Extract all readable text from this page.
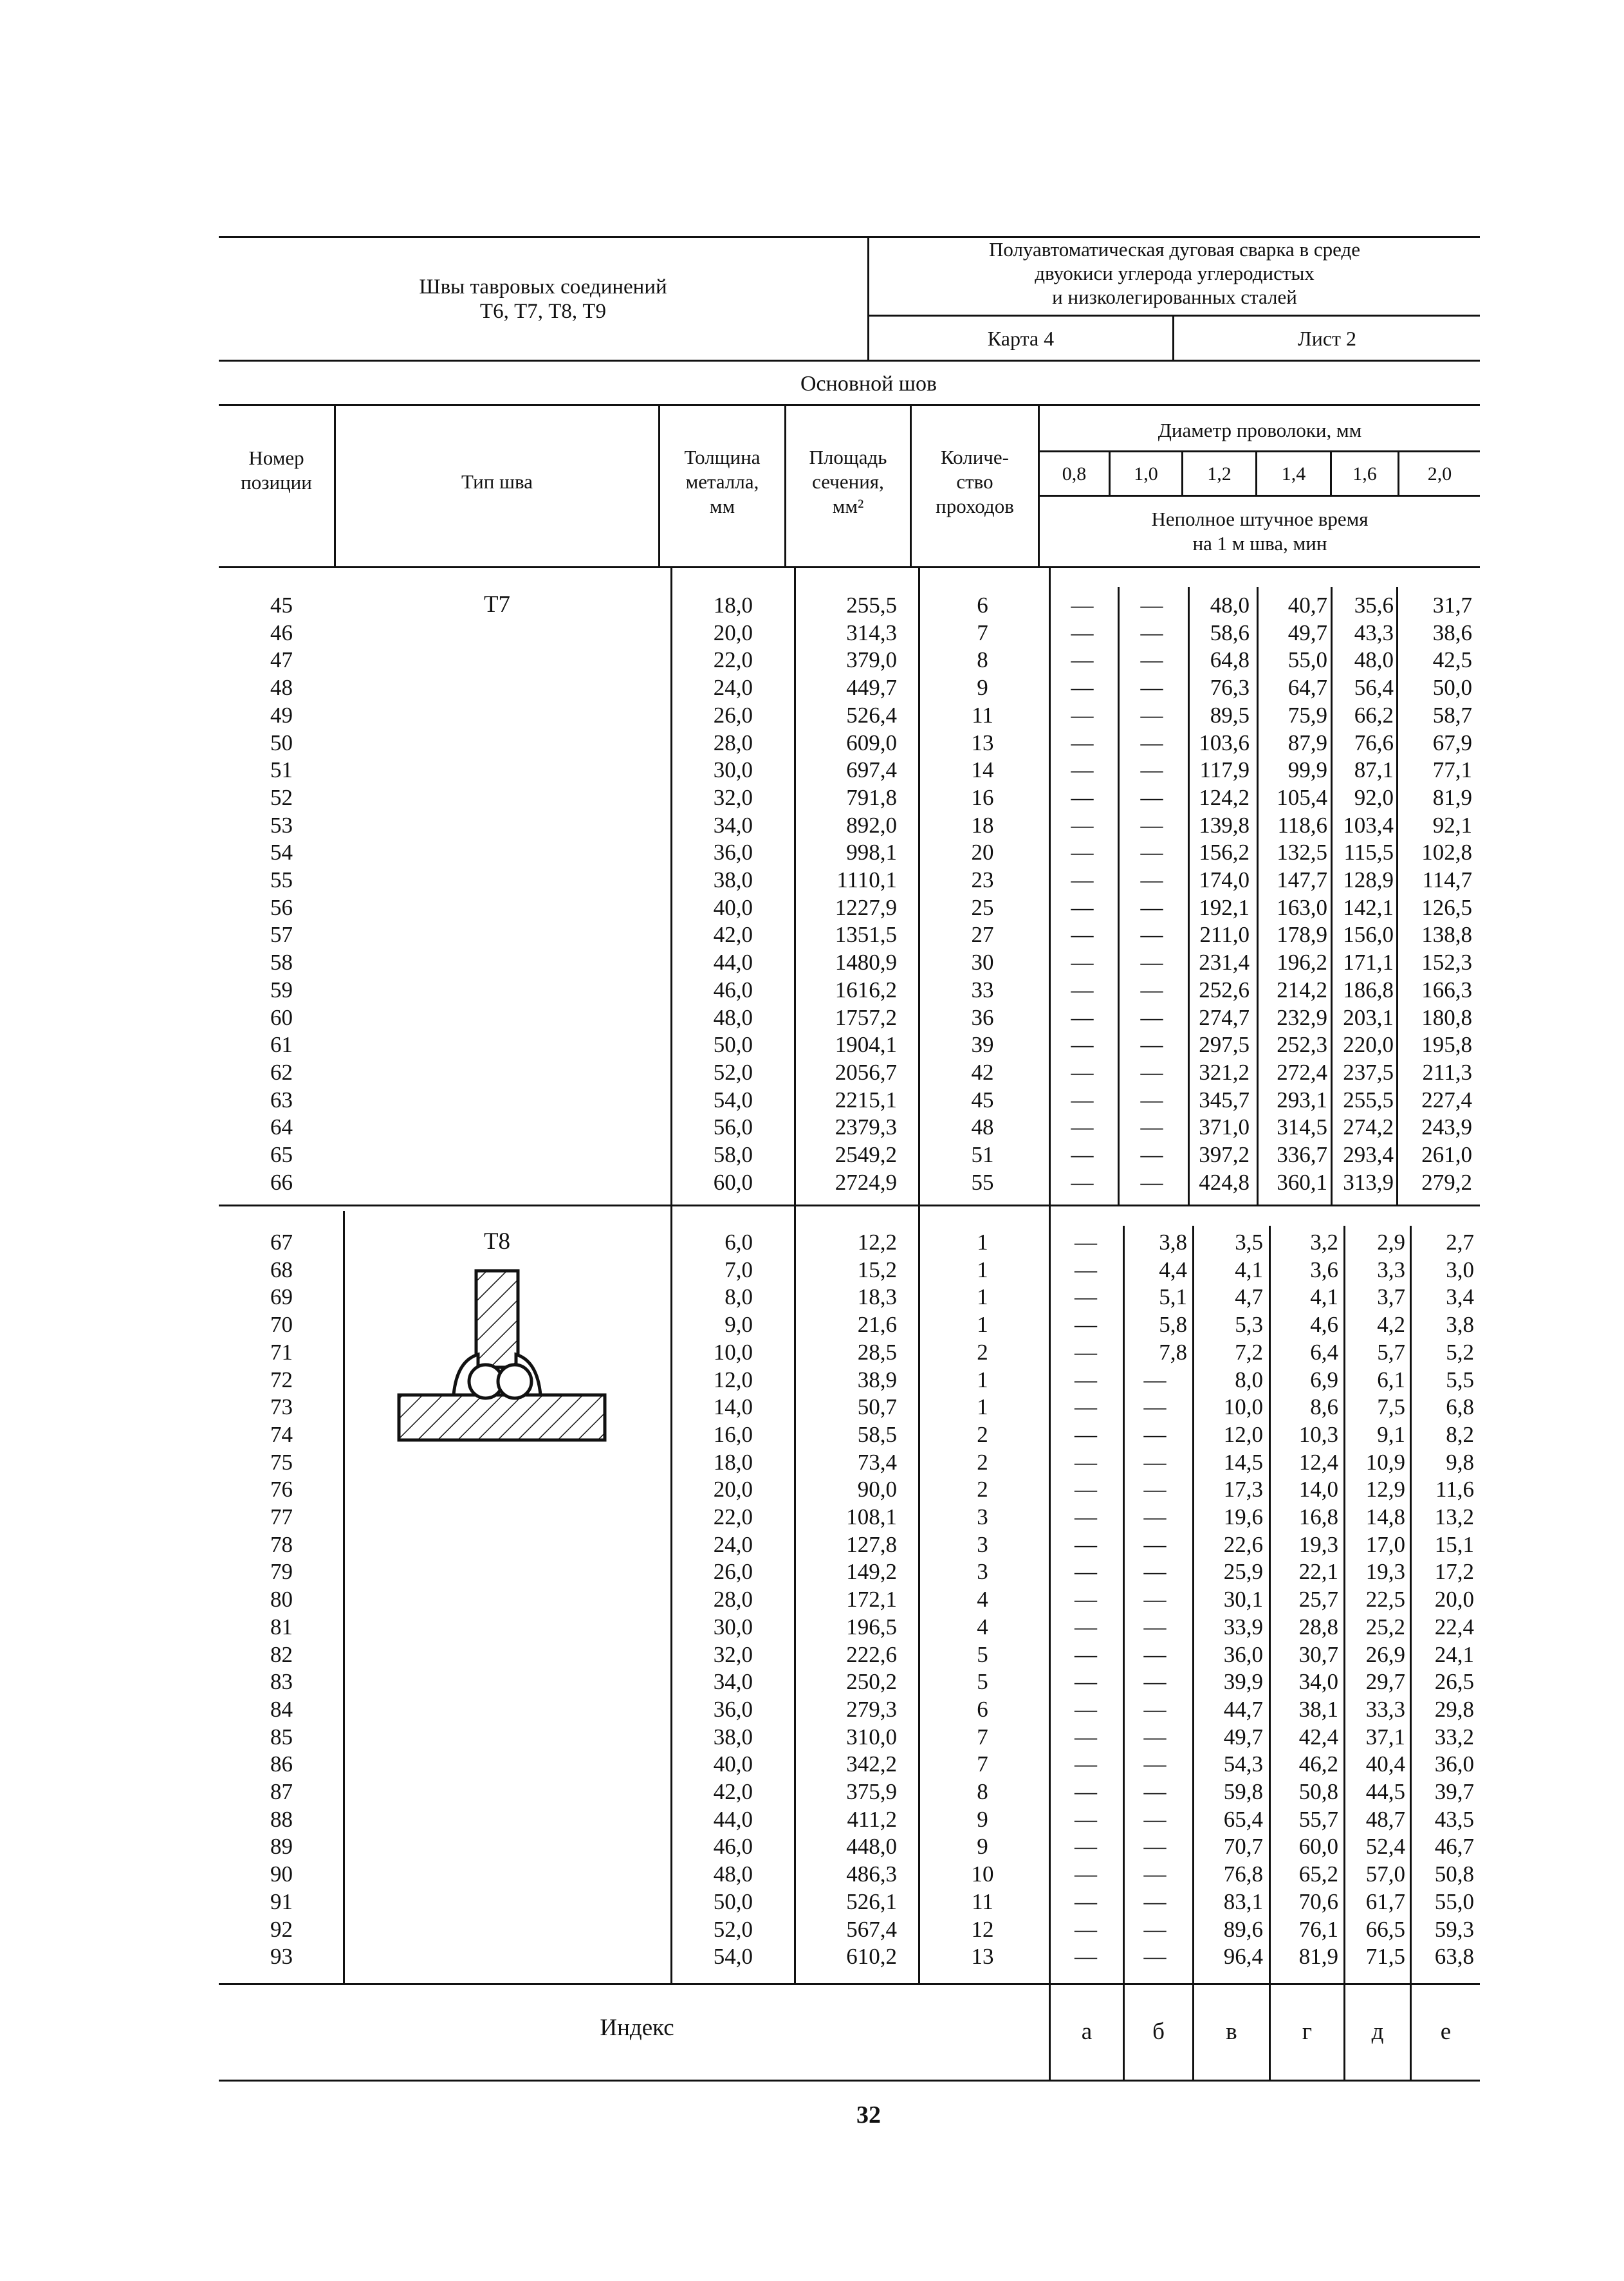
Швы тавровых соединений
Т6, Т7, Т8, Т9
Полуавтоматическая дуговая сварка в среде
двуокиси углерода углеродистых
и низколегированных сталей
Карта 4	Лист 2
Основной шов
Номер
позиции	Тип шва
Толщина
металла,
мм
Площадь
сечения,
мм²
Количе-
ство
проходов
Диаметр проволоки, мм
0,8	1,0	1,2	1,4	1,6	2,0
Неполное штучное время
на 1 м шва, мин
Т7
45	18,0	255,5	6	—	—	48,0	40,7	35,6	31,7
46	20,0	314,3	7	—	—	58,6	49,7	43,3	38,6
47	22,0	379,0	8	—	—	64,8	55,0	48,0	42,5
48	24,0	449,7	9	—	—	76,3	64,7	56,4	50,0
49	26,0	526,4	11	—	—	89,5	75,9	66,2	58,7
50	28,0	609,0	13	—	—	103,6	87,9	76,6	67,9
51	30,0	697,4	14	—	—	117,9	99,9	87,1	77,1
52	32,0	791,8	16	—	—	124,2	105,4	92,0	81,9
53	34,0	892,0	18	—	—	139,8	118,6 103,4	92,1
54	36,0	998,1	20	—	—	156,2	132,5 115,5	102,8
55	38,0	1110,1	23	—	—	174,0	147,7 128,9	114,7
56	40,0	1227,9	25	—	—	192,1	163,0 142,1	126,5
57	42,0	1351,5	27	—	—	211,0	178,9 156,0	138,8
58	44,0	1480,9	30	—	—	231,4	196,2 171,1	152,3
59	46,0	1616,2	33	—	—	252,6	214,2 186,8	166,3
60	48,0	1757,2	36	—	—	274,7	232,9 203,1	180,8
61	50,0	1904,1	39	—	—	297,5	252,3 220,0	195,8
62	52,0	2056,7	42	—	—	321,2	272,4 237,5	211,3
63	54,0	2215,1	45	—	—	345,7	293,1 255,5	227,4
64	56,0	2379,3	48	—	—	371,0	314,5 274,2	243,9
65	58,0	2549,2	51	—	—	397,2	336,7 293,4	261,0
66	60,0	2724,9	55	—	—	424,8	360,1 313,9	279,2
Т8
67	6,0	12,2	1	—	3,8	3,5	3,2	2,9	2,7
68	7,0	15,2	1	—	4,4	4,1	3,6	3,3	3,0
69	8,0	18,3	1	—	5,1	4,7	4,1	3,7	3,4
70	9,0	21,6	1	—	5,8	5,3	4,6	4,2	3,8
71	10,0	28,5	2	—	7,8	7,2	6,4	5,7	5,2
72	12,0	38,9	1	—	—	8,0	6,9	6,1	5,5
73	14,0	50,7	1	—	—	10,0	8,6	7,5	6,8
74	16,0	58,5	2	—	—	12,0	10,3	9,1	8,2
75	18,0	73,4	2	—	—	14,5	12,4	10,9	9,8
76	20,0	90,0	2	—	—	17,3	14,0	12,9	11,6
77	22,0	108,1	3	—	—	19,6	16,8	14,8	13,2
78	24,0	127,8	3	—	—	22,6	19,3	17,0	15,1
79	26,0	149,2	3	—	—	25,9	22,1	19,3	17,2
80	28,0	172,1	4	—	—	30,1	25,7	22,5	20,0
81	30,0	196,5	4	—	—	33,9	28,8	25,2	22,4
82	32,0	222,6	5	—	—	36,0	30,7	26,9	24,1
83	34,0	250,2	5	—	—	39,9	34,0	29,7	26,5
84	36,0	279,3	6	—	—	44,7	38,1	33,3	29,8
85	38,0	310,0	7	—	—	49,7	42,4	37,1	33,2
86	40,0	342,2	7	—	—	54,3	46,2	40,4	36,0
87	42,0	375,9	8	—	—	59,8	50,8	44,5	39,7
88	44,0	411,2	9	—	—	65,4	55,7	48,7	43,5
89	46,0	448,0	9	—	—	70,7	60,0	52,4	46,7
90	48,0	486,3	10	—	—	76,8	65,2	57,0	50,8
91	50,0	526,1	11	—	—	83,1	70,6	61,7	55,0
92	52,0	567,4	12	—	—	89,6	76,1	66,5	59,3
93	54,0	610,2	13	—	—	96,4	81,9	71,5	63,8
Индекс	а	б	в	г	д	е
32
